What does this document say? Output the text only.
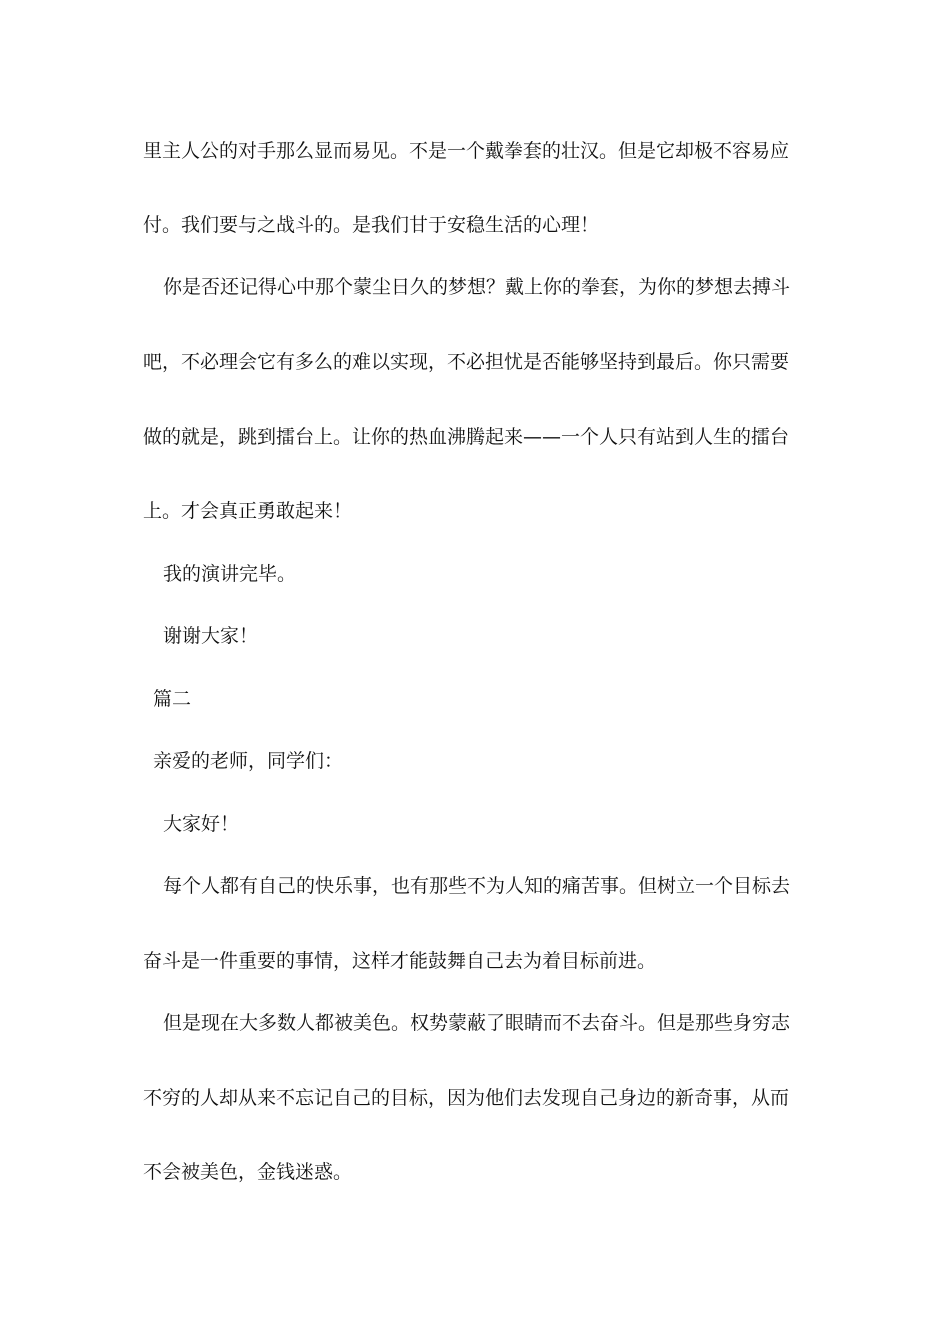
里主人公的对手那么显而易见。不是一个戴拳套的壮汉。但是它却极不容易应
付。我们要与之战斗的。是我们甘于安稳生活的心理！
你是否还记得心中那个蒙尘日久的梦想？戴上你的拳套，为你的梦想去搏斗
吧，不必理会它有多么的难以实现，不必担忧是否能够坚持到最后。你只需要
做的就是，跳到擂台上。让你的热血沸腾起来——一个人只有站到人生的擂台
上。才会真正勇敢起来！
我的演讲完毕。
谢谢大家！
篇二
亲爱的老师，同学们：
大家好！
每个人都有自己的快乐事，也有那些不为人知的痛苦事。但树立一个目标去
奋斗是一件重要的事情，这样才能鼓舞自己去为着目标前进。
但是现在大多数人都被美色。权势蒙蔽了眼睛而不去奋斗。但是那些身穷志
不穷的人却从来不忘记自己的目标，因为他们去发现自己身边的新奇事，从而
不会被美色，金钱迷惑。
